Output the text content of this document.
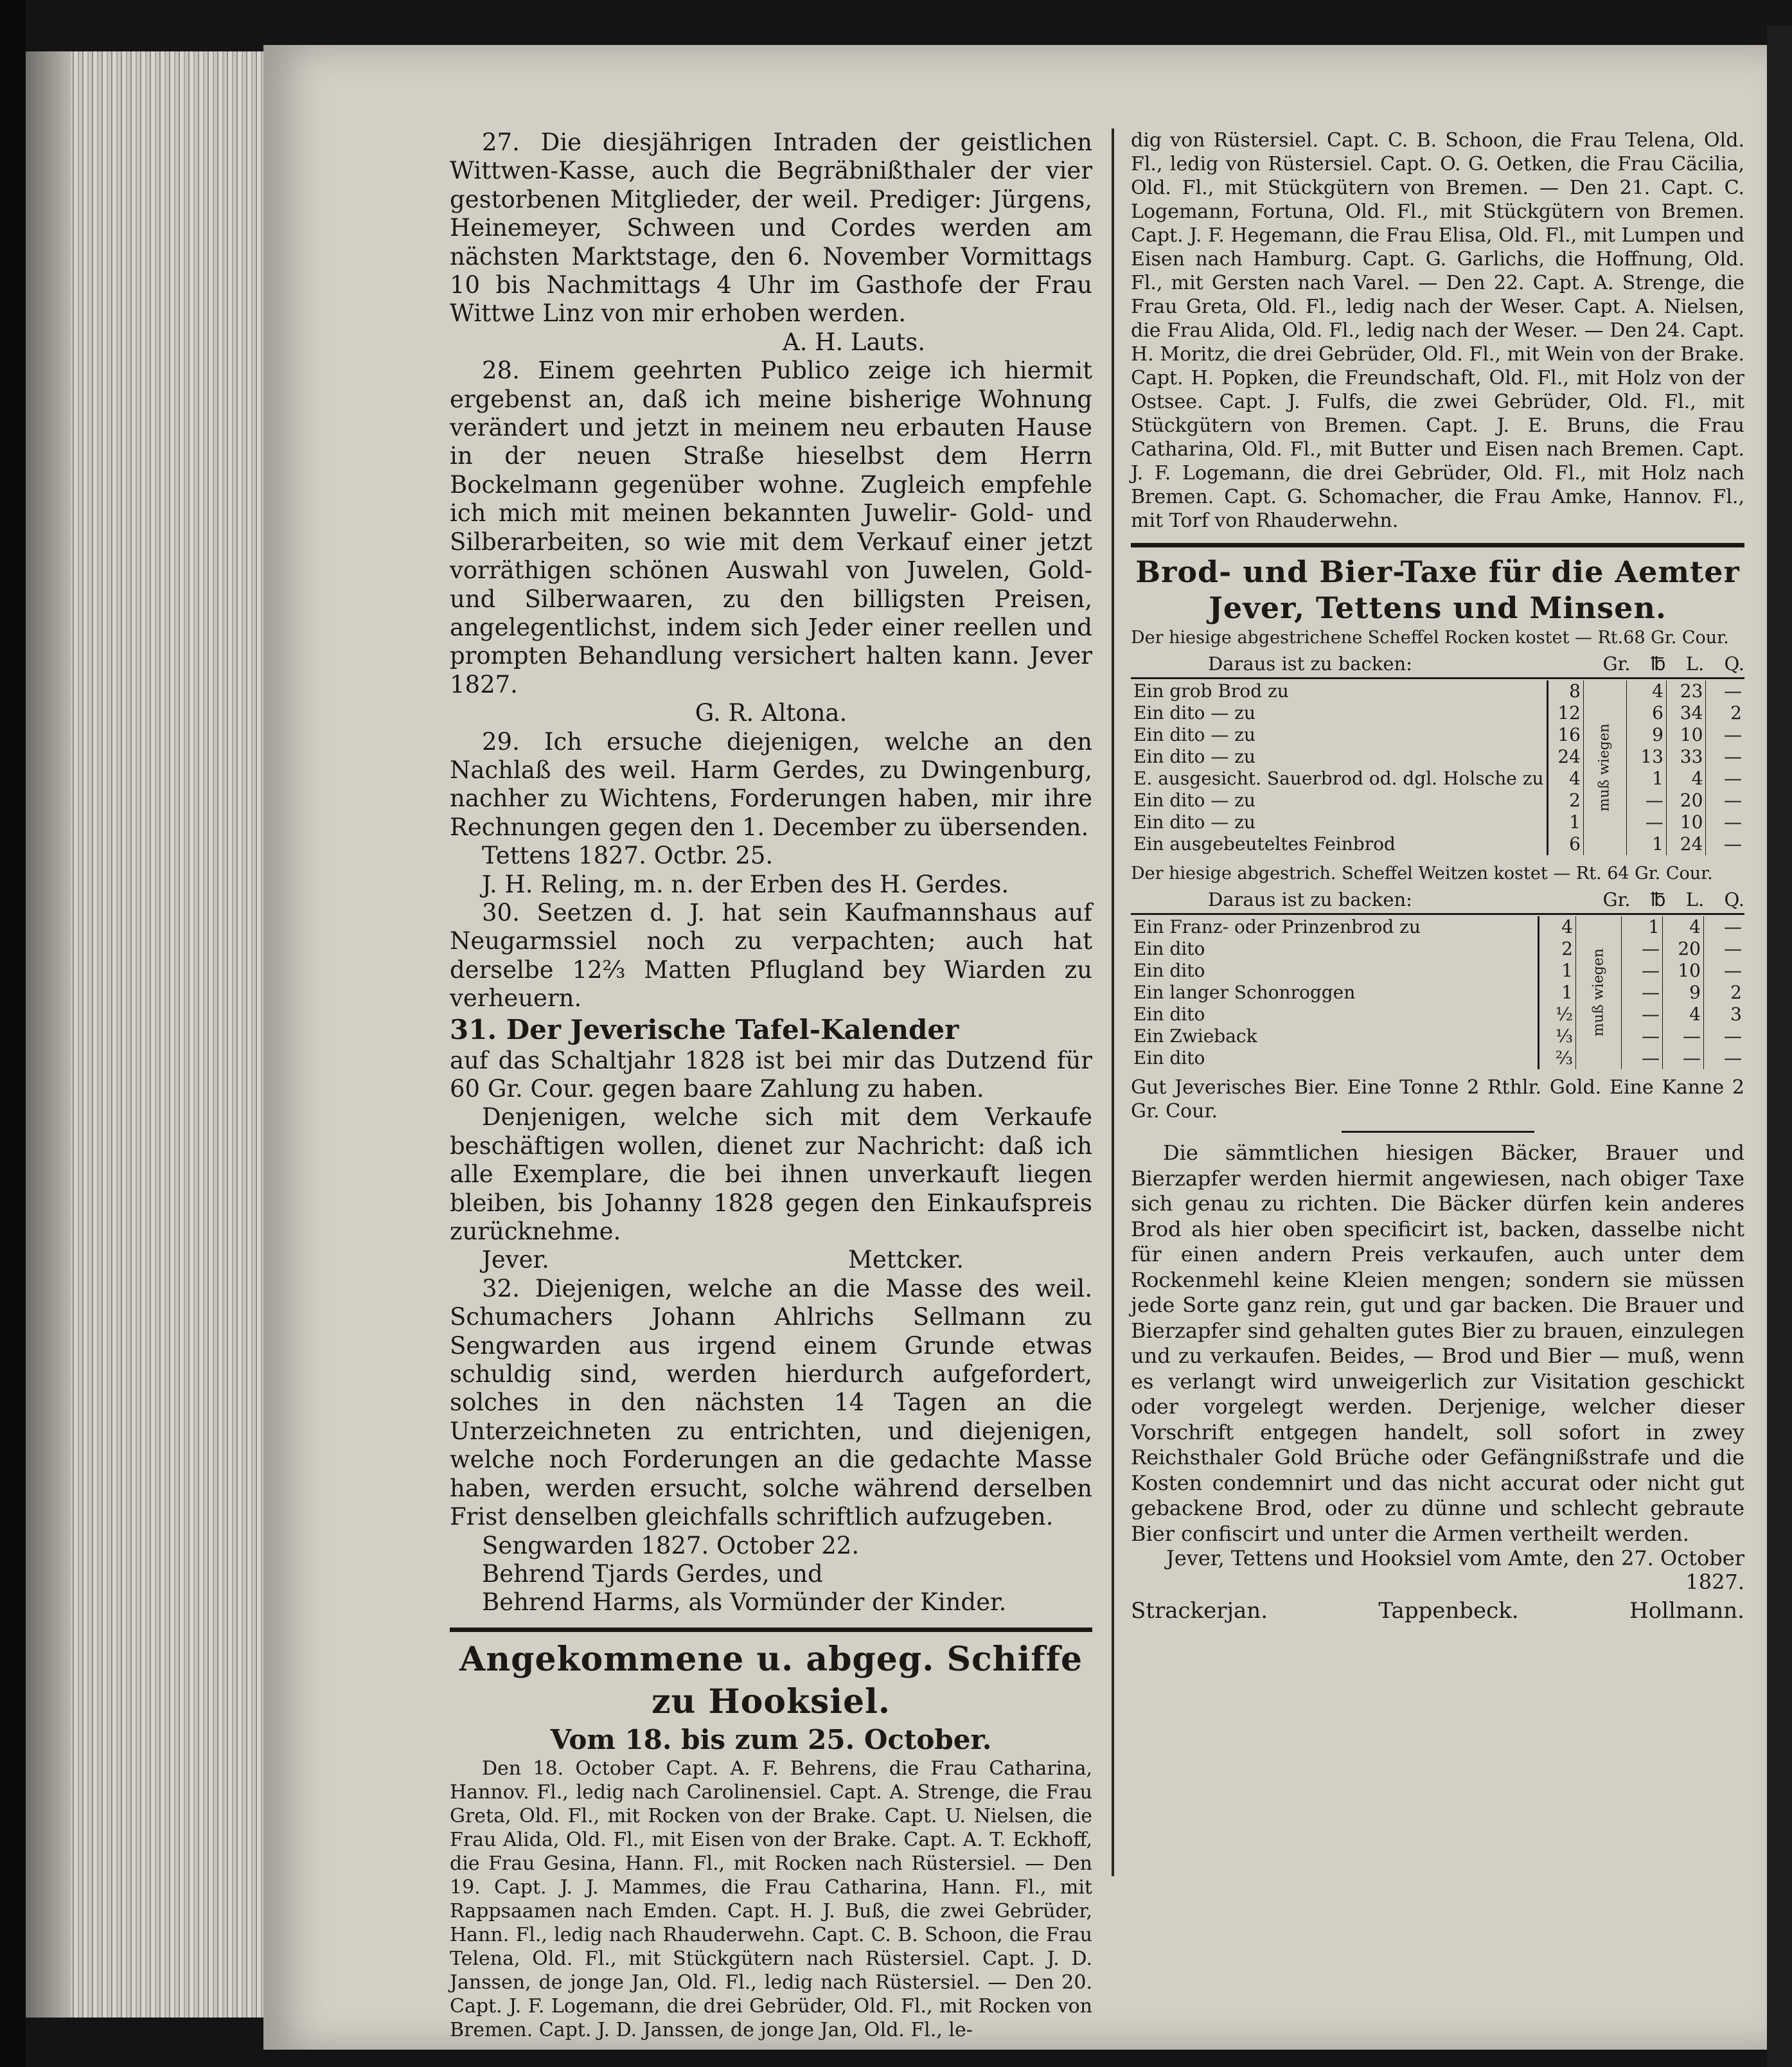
27. Die diesjährigen Intraden der geistlichen Wittwen-Kasse, auch die Begräbnißthaler der vier gestorbenen Mitglieder, der weil. Prediger: Jürgens, Heinemeyer, Schween und Cordes werden am nächsten Marktstage, den 6. November Vormittags 10 bis Nachmittags 4 Uhr im Gasthofe der Frau Wittwe Linz von mir erhoben werden.

A. H. Lauts.

28. Einem geehrten Publico zeige ich hiermit ergebenst an, daß ich meine bisherige Wohnung verändert und jetzt in meinem neu erbauten Hause in der neuen Straße hieselbst dem Herrn Bockelmann gegenüber wohne. Zugleich empfehle ich mich mit meinen bekannten Juwelir- Gold- und Silberarbeiten, so wie mit dem Verkauf einer jetzt vorräthigen schönen Auswahl von Juwelen, Gold- und Silberwaaren, zu den billigsten Preisen, angelegentlichst, indem sich Jeder einer reellen und prompten Behandlung versichert halten kann. Jever 1827.

G. R. Altona.

29. Ich ersuche diejenigen, welche an den Nachlaß des weil. Harm Gerdes, zu Dwingenburg, nachher zu Wichtens, Forderungen haben, mir ihre Rechnungen gegen den 1. December zu übersenden.

Tettens 1827. Octbr. 25.

J. H. Reling, m. n. der Erben des H. Gerdes.

30. Seetzen d. J. hat sein Kaufmannshaus auf Neugarmssiel noch zu verpachten; auch hat derselbe 12⅔ Matten Pflugland bey Wiarden zu verheuern.

31. Der Jeverische Tafel-Kalender

auf das Schaltjahr 1828 ist bei mir das Dutzend für 60 Gr. Cour. gegen baare Zahlung zu haben.

Denjenigen, welche sich mit dem Verkaufe beschäftigen wollen, dienet zur Nachricht: daß ich alle Exemplare, die bei ihnen unverkauft liegen bleiben, bis Johanny 1828 gegen den Einkaufspreis zurücknehme.

Jever.	Mettcker.

32. Diejenigen, welche an die Masse des weil. Schumachers Johann Ahlrichs Sellmann zu Sengwarden aus irgend einem Grunde etwas schuldig sind, werden hierdurch aufgefordert, solches in den nächsten 14 Tagen an die Unterzeichneten zu entrichten, und diejenigen, welche noch Forderungen an die gedachte Masse haben, werden ersucht, solche während derselben Frist denselben gleichfalls schriftlich aufzugeben.

Sengwarden 1827. October 22.

Behrend Tjards Gerdes, und

Behrend Harms, als Vormünder der Kinder.

Angekommene u. abgeg. Schiffe zu Hooksiel.

Vom 18. bis zum 25. October.

Den 18. October Capt. A. F. Behrens, die Frau Catharina, Hannov. Fl., ledig nach Carolinensiel. Capt. A. Strenge, die Frau Greta, Old. Fl., mit Rocken von der Brake. Capt. U. Nielsen, die Frau Alida, Old. Fl., mit Eisen von der Brake. Capt. A. T. Eckhoff, die Frau Gesina, Hann. Fl., mit Rocken nach Rüstersiel. — Den 19. Capt. J. J. Mammes, die Frau Catharina, Hann. Fl., mit Rappsaamen nach Emden. Capt. H. J. Buß, die zwei Gebrüder, Hann. Fl., ledig nach Rhauderwehn. Capt. C. B. Schoon, die Frau Telena, Old. Fl., mit Stückgütern nach Rüstersiel. Capt. J. D. Janssen, de jonge Jan, Old. Fl., ledig nach Rüstersiel. — Den 20. Capt. J. F. Logemann, die drei Gebrüder, Old. Fl., mit Rocken von Bremen. Capt. J. D. Janssen, de jonge Jan, Old. Fl., le-

dig von Rüstersiel. Capt. C. B. Schoon, die Frau Telena, Old. Fl., ledig von Rüstersiel. Capt. O. G. Oetken, die Frau Cäcilia, Old. Fl., mit Stückgütern von Bremen. — Den 21. Capt. C. Logemann, Fortuna, Old. Fl., mit Stückgütern von Bremen. Capt. J. F. Hegemann, die Frau Elisa, Old. Fl., mit Lumpen und Eisen nach Hamburg. Capt. G. Garlichs, die Hoffnung, Old. Fl., mit Gersten nach Varel. — Den 22. Capt. A. Strenge, die Frau Greta, Old. Fl., ledig nach der Weser. Capt. A. Nielsen, die Frau Alida, Old. Fl., ledig nach der Weser. — Den 24. Capt. H. Moritz, die drei Gebrüder, Old. Fl., mit Wein von der Brake. Capt. H. Popken, die Freundschaft, Old. Fl., mit Holz von der Ostsee. Capt. J. Fulfs, die zwei Gebrüder, Old. Fl., mit Stückgütern von Bremen. Capt. J. E. Bruns, die Frau Catharina, Old. Fl., mit Butter und Eisen nach Bremen. Capt. J. F. Logemann, die drei Gebrüder, Old. Fl., mit Holz nach Bremen. Capt. G. Schomacher, die Frau Amke, Hannov. Fl., mit Torf von Rhauderwehn.

Brod- und Bier-Taxe für die Aemter

Jever, Tettens und Minsen.

Der hiesige abgestrichene Scheffel Rocken kostet — Rt.68 Gr. Cour.

Daraus ist zu backen:	Gr. ℔ L. Q.
Ein grob Brod zu	8	muß wiegen	4	23	—
Ein dito — zu	12		6	34	2
Ein dito — zu	16		9	10	—
Ein dito — zu	24		13	33	—
E. ausgesicht. Sauerbrod od. dgl. Holsche zu	4		1	4	—
Ein dito — zu	2		—	20	—
Ein dito — zu	1		—	10	—
Ein ausgebeuteltes Feinbrod	6		1	24	—

Der hiesige abgestrich. Scheffel Weitzen kostet — Rt. 64 Gr. Cour.

Daraus ist zu backen:	Gr. ℔ L. Q.
Ein Franz- oder Prinzenbrod zu	4	muß wiegen	1	4	—
Ein dito	2		—	20	—
Ein dito	1		—	10	—
Ein langer Schonroggen	1		—	9	2
Ein dito	½		—	4	3
Ein Zwieback	⅓		—	—	—
Ein dito	⅔		—	—	—

Gut Jeverisches Bier. Eine Tonne 2 Rthlr. Gold. Eine Kanne 2 Gr. Cour.

Die sämmtlichen hiesigen Bäcker, Brauer und Bierzapfer werden hiermit angewiesen, nach obiger Taxe sich genau zu richten. Die Bäcker dürfen kein anderes Brod als hier oben specificirt ist, backen, dasselbe nicht für einen andern Preis verkaufen, auch unter dem Rockenmehl keine Kleien mengen; sondern sie müssen jede Sorte ganz rein, gut und gar backen. Die Brauer und Bierzapfer sind gehalten gutes Bier zu brauen, einzulegen und zu verkaufen. Beides, — Brod und Bier — muß, wenn es verlangt wird unweigerlich zur Visitation geschickt oder vorgelegt werden. Derjenige, welcher dieser Vorschrift entgegen handelt, soll sofort in zwey Reichsthaler Gold Brüche oder Gefängnißstrafe und die Kosten condemnirt und das nicht accurat oder nicht gut gebackene Brod, oder zu dünne und schlecht gebraute Bier confiscirt und unter die Armen vertheilt werden.

Jever, Tettens und Hooksiel vom Amte, den 27. October 1827.

Strackerjan.	Tappenbeck.	Hollmann.
